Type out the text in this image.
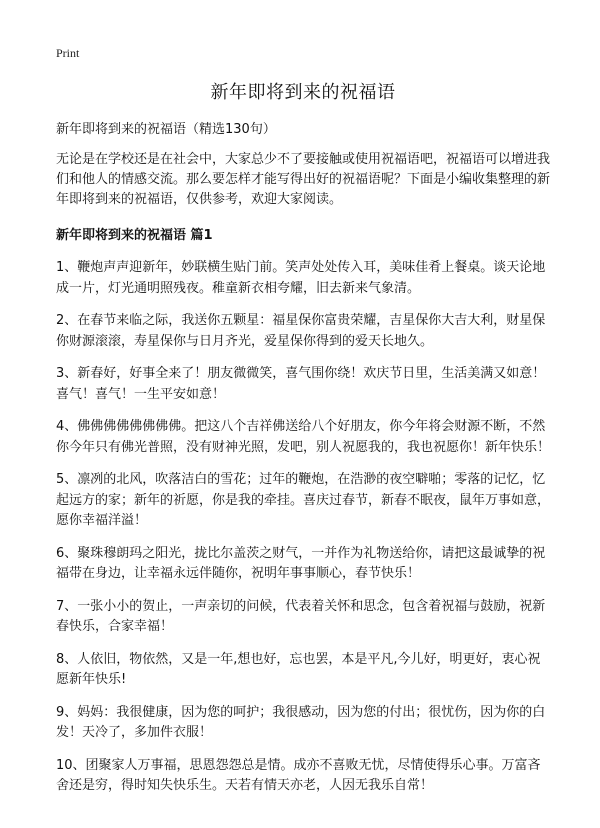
Print
新年即将到来的祝福语

新年即将到来的祝福语（精选130句）

无论是在学校还是在社会中，大家总少不了要接触或使用祝福语吧，祝福语可以增进我们和他人的情感交流。那么要怎样才能写得出好的祝福语呢？下面是小编收集整理的新年即将到来的祝福语，仅供参考，欢迎大家阅读。

新年即将到来的祝福语 篇1

1、鞭炮声声迎新年，妙联横生贴门前。笑声处处传入耳，美味佳肴上餐桌。谈天论地成一片，灯光通明照残夜。稚童新衣相夸耀，旧去新来气象清。

2、在春节来临之际，我送你五颗星：福星保你富贵荣耀，吉星保你大吉大利，财星保你财源滚滚，寿星保你与日月齐光，爱星保你得到的爱天长地久。

3、新春好，好事全来了！朋友微微笑，喜气围你绕！欢庆节日里，生活美满又如意！喜气！喜气！一生平安如意！

4、佛佛佛佛佛佛佛佛。把这八个吉祥佛送给八个好朋友，你今年将会财源不断，不然你今年只有佛光普照，没有财神光照，发吧，别人祝愿我的，我也祝愿你！新年快乐！

5、凛冽的北风，吹落洁白的雪花；过年的鞭炮，在浩渺的夜空噼啪；零落的记忆，忆起远方的家；新年的祈愿，你是我的牵挂。喜庆过春节，新春不眠夜，鼠年万事如意，愿你幸福洋溢！

6、聚珠穆朗玛之阳光，拢比尔盖茨之财气，一并作为礼物送给你，请把这最诚挚的祝福带在身边，让幸福永远伴随你，祝明年事事顺心，春节快乐！

7、一张小小的贺止，一声亲切的问候，代表着关怀和思念，包含着祝福与鼓励，祝新春快乐，合家幸福！

8、人依旧，物依然，又是一年,想也好，忘也罢，本是平凡,今儿好，明更好，衷心祝愿新年快乐!

9、妈妈：我很健康，因为您的呵护；我很感动，因为您的付出；很忧伤，因为你的白发！天冷了，多加件衣服！

10、团聚家人万事福，思恩怨怨总是情。成亦不喜败无忧，尽情使得乐心事。万富吝舍还是穷，得时知失快乐生。天若有情天亦老，人因无我乐自常！
